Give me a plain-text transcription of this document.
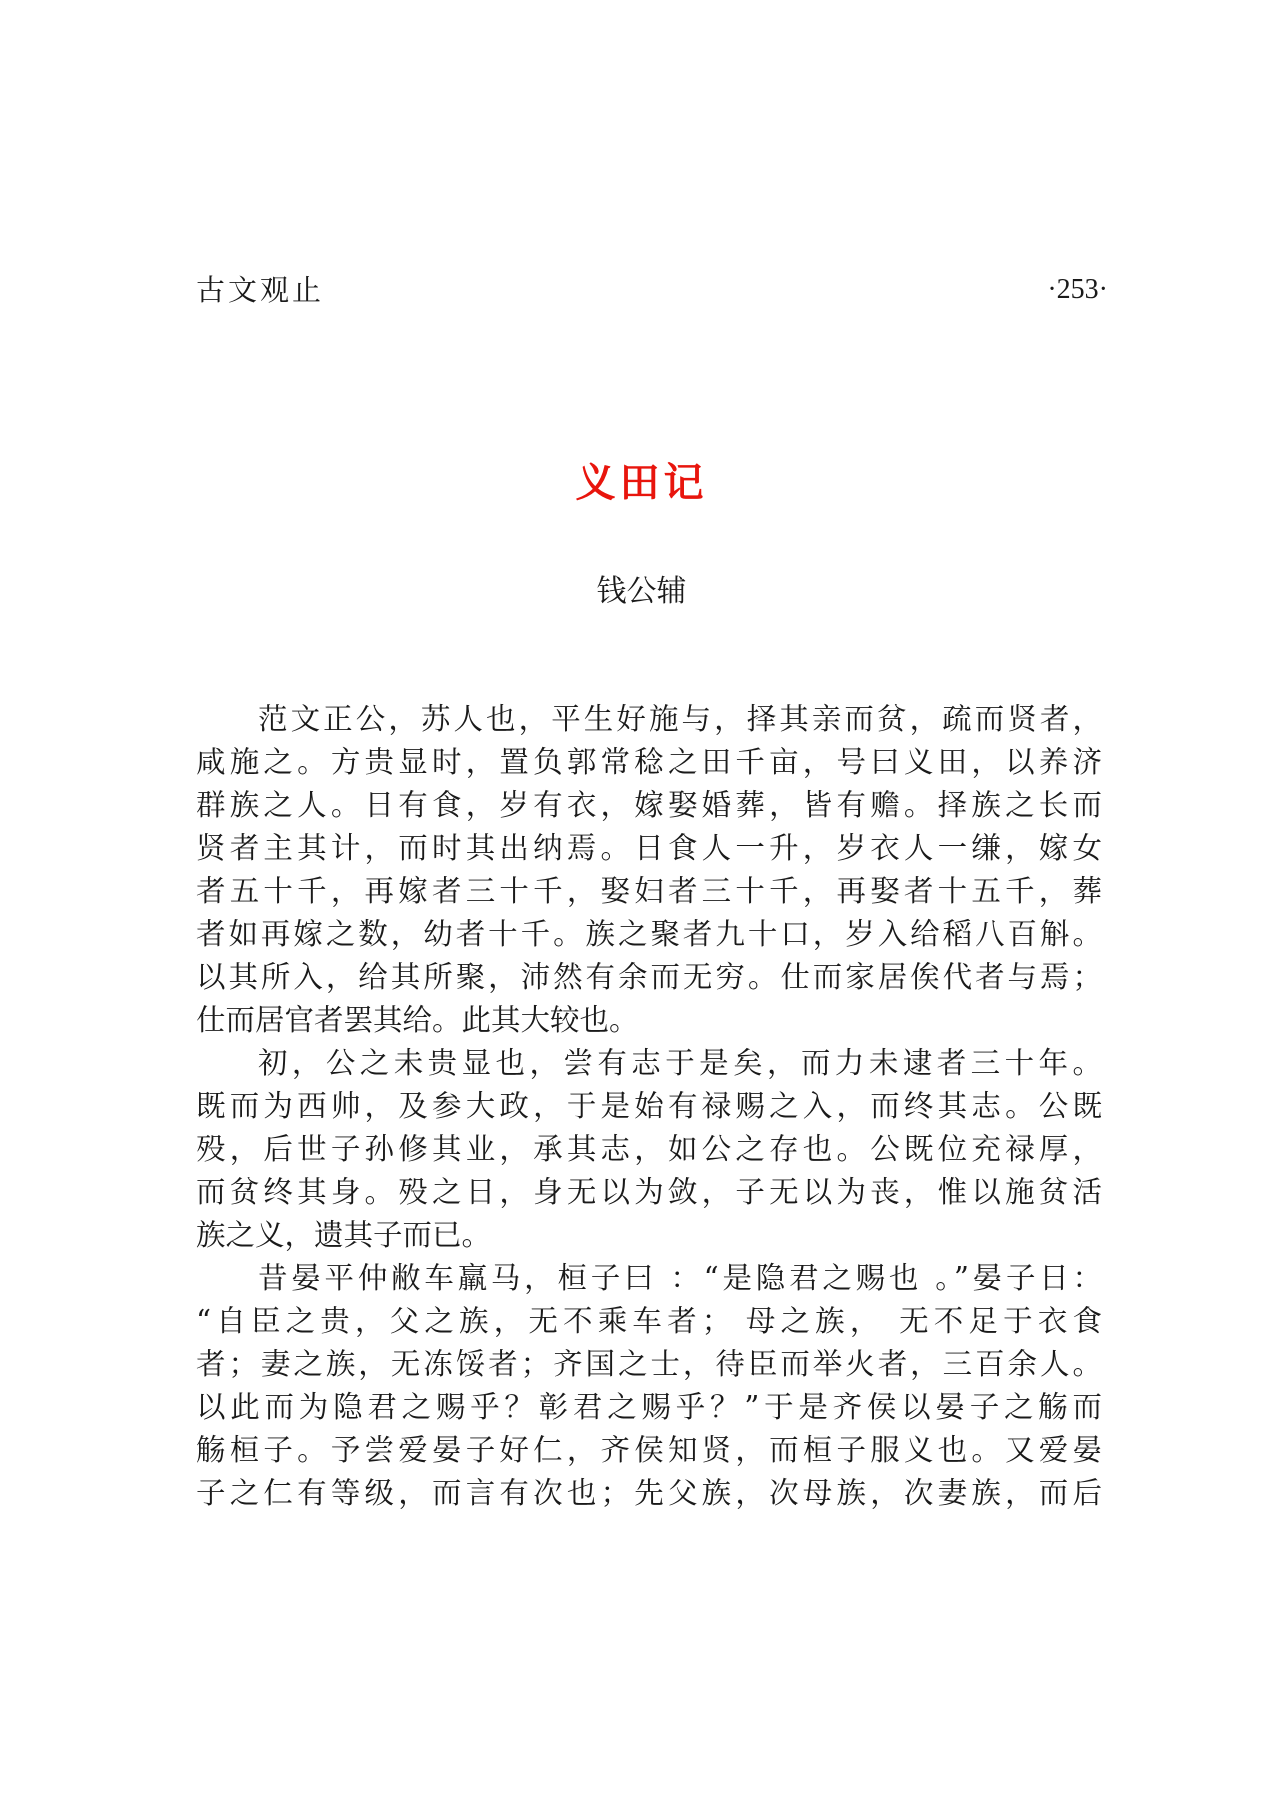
古文观止	·253·
义田记
钱公辅
范文正公，苏人也，平生好施与，择其亲而贫，疏而贤者，
咸施之。方贵显时，置负郭常稔之田千亩，号曰义田，以养济
群族之人。日有食，岁有衣，嫁娶婚葬，皆有赡。择族之长而
贤者主其计，而时其出纳焉。日食人一升，岁衣人一缣，嫁女
者五十千，再嫁者三十千，娶妇者三十千，再娶者十五千，葬
者如再嫁之数，幼者十千。族之聚者九十口，岁入给稻八百斛。
以其所入，给其所聚，沛然有余而无穷。仕而家居俟代者与焉；
仕而居官者罢其给。此其大较也。
初，公之未贵显也，尝有志于是矣，而力未逮者三十年。
既而为西帅，及参大政，于是始有禄赐之入，而终其志。公既
殁，后世子孙修其业，承其志，如公之存也。公既位充禄厚，
而贫终其身。殁之日，身无以为敛，子无以为丧，惟以施贫活
族之义，遗其子而已。
昔晏平仲敝车羸马，桓子曰 ：“是隐君之赐也 。”晏子日：
“自臣之贵，父之族，无不乘车者； 母之族， 无不足于衣食
者；妻之族，无冻馁者；齐国之士，待臣而举火者，三百余人。
以此而为隐君之赐乎？彰君之赐乎？”于是齐侯以晏子之觞而
觞桓子。予尝爱晏子好仁，齐侯知贤，而桓子服义也。又爱晏
子之仁有等级，而言有次也；先父族，次母族，次妻族，而后
